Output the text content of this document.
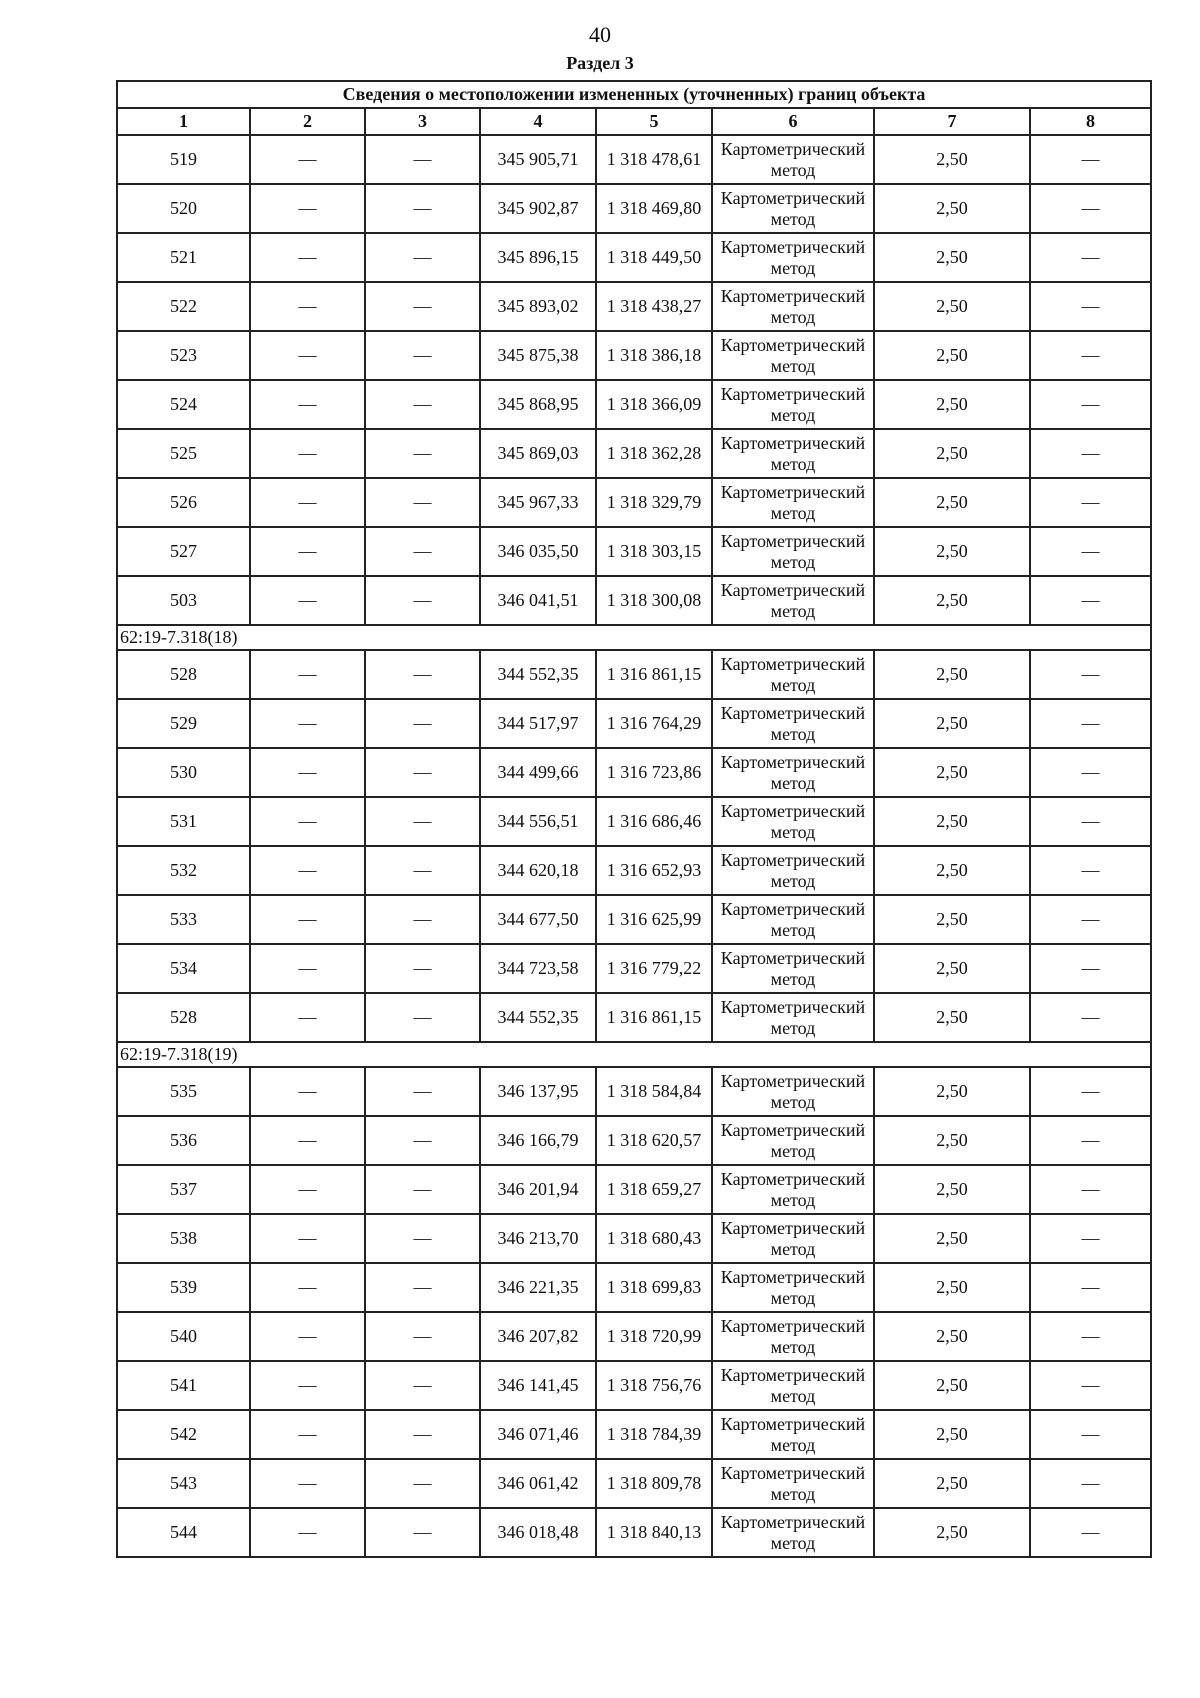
40
Раздел 3
Сведения о местоположении измененных (уточненных) границ объекта							
1	2	3	4	5	6	7	8
519	—	—	345 905,71	1 318 478,61	Картометрический метод	2,50	—
520	—	—	345 902,87	1 318 469,80	Картометрический метод	2,50	—
521	—	—	345 896,15	1 318 449,50	Картометрический метод	2,50	—
522	—	—	345 893,02	1 318 438,27	Картометрический метод	2,50	—
523	—	—	345 875,38	1 318 386,18	Картометрический метод	2,50	—
524	—	—	345 868,95	1 318 366,09	Картометрический метод	2,50	—
525	—	—	345 869,03	1 318 362,28	Картометрический метод	2,50	—
526	—	—	345 967,33	1 318 329,79	Картометрический метод	2,50	—
527	—	—	346 035,50	1 318 303,15	Картометрический метод	2,50	—
503	—	—	346 041,51	1 318 300,08	Картометрический метод	2,50	—
62:19-7.318(18)							
528	—	—	344 552,35	1 316 861,15	Картометрический метод	2,50	—
529	—	—	344 517,97	1 316 764,29	Картометрический метод	2,50	—
530	—	—	344 499,66	1 316 723,86	Картометрический метод	2,50	—
531	—	—	344 556,51	1 316 686,46	Картометрический метод	2,50	—
532	—	—	344 620,18	1 316 652,93	Картометрический метод	2,50	—
533	—	—	344 677,50	1 316 625,99	Картометрический метод	2,50	—
534	—	—	344 723,58	1 316 779,22	Картометрический метод	2,50	—
528	—	—	344 552,35	1 316 861,15	Картометрический метод	2,50	—
62:19-7.318(19)							
535	—	—	346 137,95	1 318 584,84	Картометрический метод	2,50	—
536	—	—	346 166,79	1 318 620,57	Картометрический метод	2,50	—
537	—	—	346 201,94	1 318 659,27	Картометрический метод	2,50	—
538	—	—	346 213,70	1 318 680,43	Картометрический метод	2,50	—
539	—	—	346 221,35	1 318 699,83	Картометрический метод	2,50	—
540	—	—	346 207,82	1 318 720,99	Картометрический метод	2,50	—
541	—	—	346 141,45	1 318 756,76	Картометрический метод	2,50	—
542	—	—	346 071,46	1 318 784,39	Картометрический метод	2,50	—
543	—	—	346 061,42	1 318 809,78	Картометрический метод	2,50	—
544	—	—	346 018,48	1 318 840,13	Картометрический метод	2,50	—
